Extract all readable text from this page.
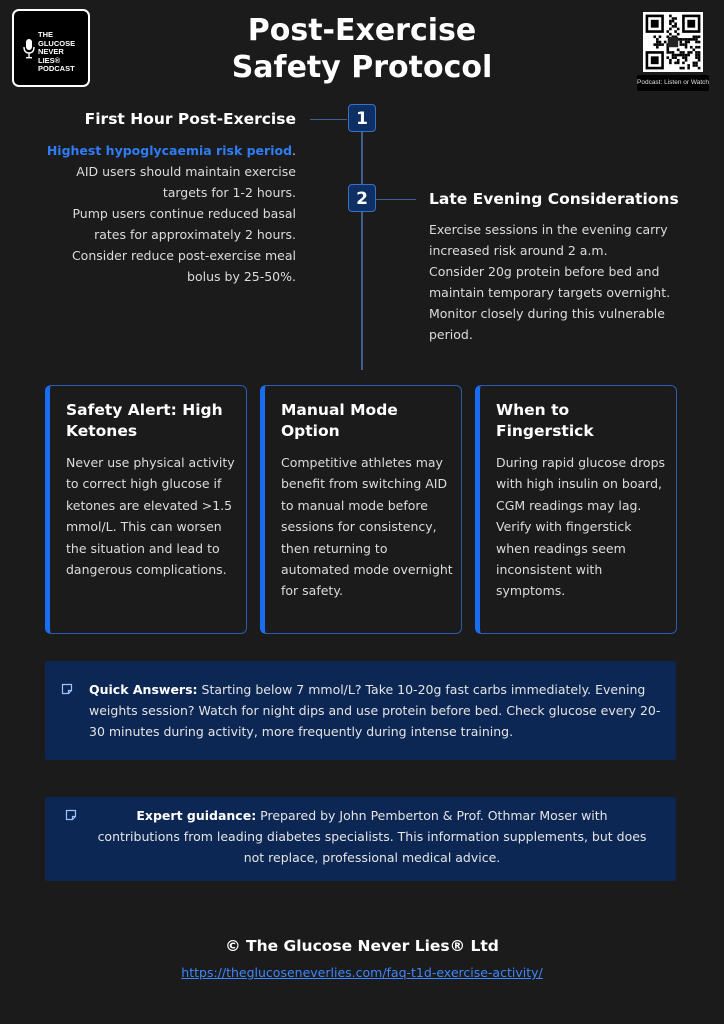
THE GLUCOSE NEVER LIES® PODCAST
Post-Exercise
Safety Protocol	Podcast: Listen or Watch
1
2
First Hour Post-Exercise

Highest hypoglycaemia risk period.

AID users should maintain exercise targets for 1-2 hours.

Pump users continue reduced basal rates for approximately 2 hours.

Consider reduce post-exercise meal bolus by 25-50%.

Late Evening Considerations

Exercise sessions in the evening carry increased risk around 2 a.m.

Consider 20g protein before bed and maintain temporary targets overnight.

Monitor closely during this vulnerable period.

Safety Alert: High Ketones
Never use physical activity to correct high glucose if ketones are elevated >1.5 mmol/L. This can worsen the situation and lead to dangerous complications.
Manual Mode Option
Competitive athletes may benefit from switching AID to manual mode before sessions for consistency, then returning to automated mode overnight for safety.
When to Fingerstick
During rapid glucose drops with high insulin on board, CGM readings may lag. Verify with fingerstick when readings seem inconsistent with symptoms.
Quick Answers: Starting below 7 mmol/L? Take 10-20g fast carbs immediately. Evening weights session? Watch for night dips and use protein before bed. Check glucose every 20-30 minutes during activity, more frequently during intense training.
Expert guidance: Prepared by John Pemberton & Prof. Othmar Moser with contributions from leading diabetes specialists. This information supplements, but does not replace, professional medical advice.
© The Glucose Never Lies® Ltd
https://theglucoseneverlies.com/faq-t1d-exercise-activity/
